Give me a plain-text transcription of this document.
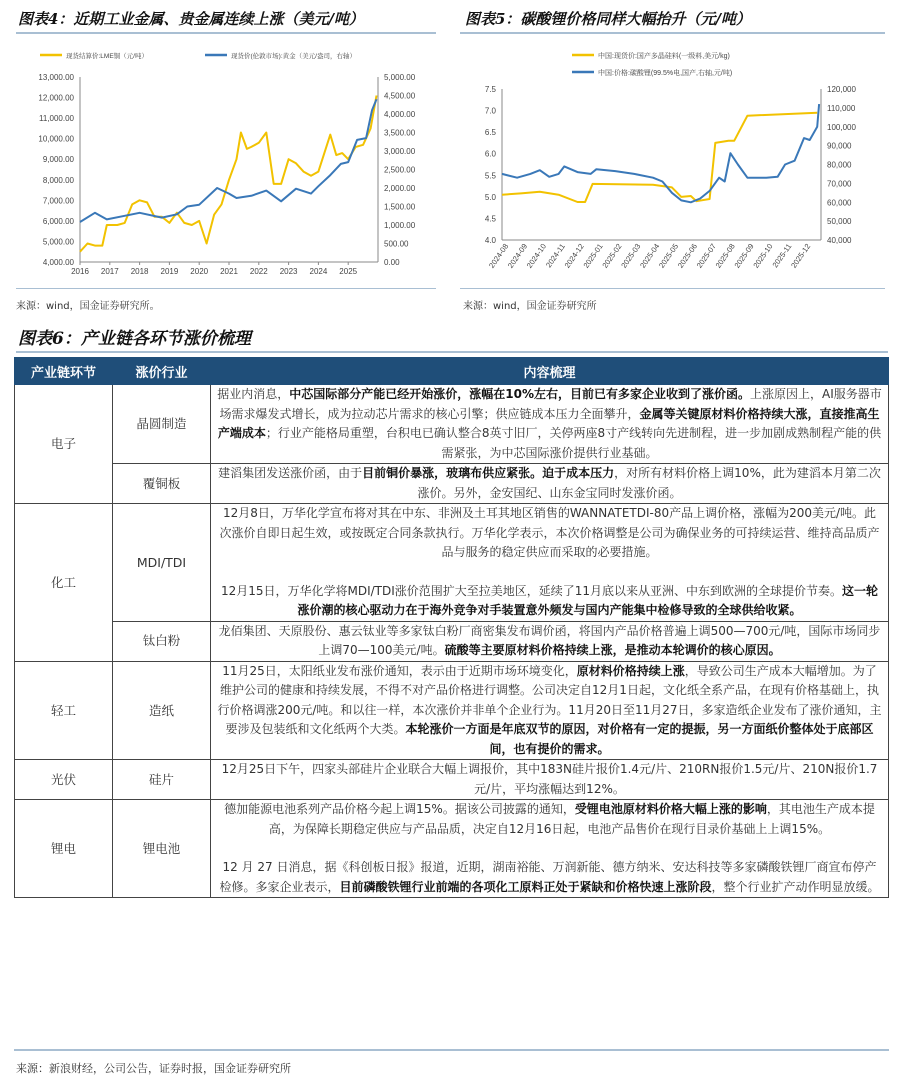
图表4：近期工业金属、贵金属连续上涨（美元/吨）	图表5：碳酸锂价格同样大幅抬升（元/吨）
4,000.00
5,000.00
6,000.00
7,000.00
8,000.00
9,000.00
10,000.00
11,000.00
12,000.00
13,000.00
0.00
500.00
1,000.00
1,500.00
2,000.00
2,500.00
3,000.00
3,500.00
4,000.00
4,500.00
5,000.00
2016 2017 2018 2019 2020 2021 2022 2023 2024 2025
现货结算价:LME铜（元/吨）	现货价(伦敦市场):黄金（美元/盎司，右轴）
4.0
4.5
5.0
5.5
6.0
6.5
7.0
7.5
40,000
50,000
60,000
70,000
80,000
90,000
100,000
110,000
120,000
2024-08
2024-09
2024-10
2024-11
2024-12
2025-01
2025-02
2025-03
2025-04
2025-05
2025-06
2025-07
2025-08
2025-09
2025-10
2025-11
2025-12
中国:现货价:国产多晶硅料(一级料,美元/kg)
中国:价格:碳酸锂(99.5%电,国产,右轴,元/吨)
来源：wind，国金证券研究所。	来源：wind，国金证券研究所
图表6：产业链各环节涨价梳理
产业链环节	涨价行业	内容梳理
电子	晶圆制造	据业内消息，中芯国际部分产能已经开始涨价，涨幅在10%左右，目前已有多家企业收到了涨价函。上涨原因上，AI服务器市场需求爆发式增长，成为拉动芯片需求的核心引擎；供应链成本压力全面攀升，金属等关键原材料价格持续大涨，直接推高生产端成本；行业产能格局重塑，台积电已确认整合8英寸旧厂，关停两座8寸产线转向先进制程，进一步加剧成熟制程产能的供需紧张，为中芯国际涨价提供行业基础。

	覆铜板	建滔集团发送涨价函，由于目前铜价暴涨，玻璃布供应紧张。迫于成本压力，对所有材料价格上调10%，此为建滔本月第二次涨价。另外，金安国纪、山东金宝同时发涨价函。

化工	MDI/TDI	12月8日，万华化学宣布将对其在中东、非洲及土耳其地区销售的WANNATETDI-80产品上调价格，涨幅为200美元/吨。此次涨价自即日起生效，或按既定合同条款执行。万华化学表示，本次价格调整是公司为确保业务的可持续运营、维持高品质产品与服务的稳定供应而采取的必要措施。

12月15日，万华化学将MDI/TDI涨价范围扩大至拉美地区，延续了11月底以来从亚洲、中东到欧洲的全球提价节奏。这一轮涨价潮的核心驱动力在于海外竞争对手装置意外频发与国内产能集中检修导致的全球供给收紧。

	钛白粉	龙佰集团、天原股份、惠云钛业等多家钛白粉厂商密集发布调价函，将国内产品价格普遍上调500—700元/吨，国际市场同步上调70—100美元/吨。硫酸等主要原材料价格持续上涨，是推动本轮调价的核心原因。

轻工	造纸	11月25日，太阳纸业发布涨价通知，表示由于近期市场环境变化，原材料价格持续上涨，导致公司生产成本大幅增加。为了维护公司的健康和持续发展，不得不对产品价格进行调整。公司决定自12月1日起，文化纸全系产品，在现有价格基础上，执行价格调涨200元/吨。和以往一样，本次涨价并非单个企业行为。11月20日至11月27日，多家造纸企业发布了涨价通知，主要涉及包装纸和文化纸两个大类。本轮涨价一方面是年底双节的原因，对价格有一定的提振，另一方面纸价整体处于底部区间，也有提价的需求。

光伏	硅片	12月25日下午，四家头部硅片企业联合大幅上调报价，其中183N硅片报价1.4元/片、210RN报价1.5元/片、210N报价1.7元/片，平均涨幅达到12%。

锂电	锂电池	德加能源电池系列产品价格今起上调15%。据该公司披露的通知，受锂电池原材料价格大幅上涨的影响，其电池生产成本提高，为保障长期稳定供应与产品品质，决定自12月16日起，电池产品售价在现行目录价基础上上调15%。

12 月 27 日消息，据《科创板日报》报道，近期，湖南裕能、万润新能、德方纳米、安达科技等多家磷酸铁锂厂商宣布停产检修。多家企业表示，目前磷酸铁锂行业前端的各项化工原料正处于紧缺和价格快速上涨阶段，整个行业扩产动作明显放缓。

来源：新浪财经，公司公告，证券时报，国金证券研究所
